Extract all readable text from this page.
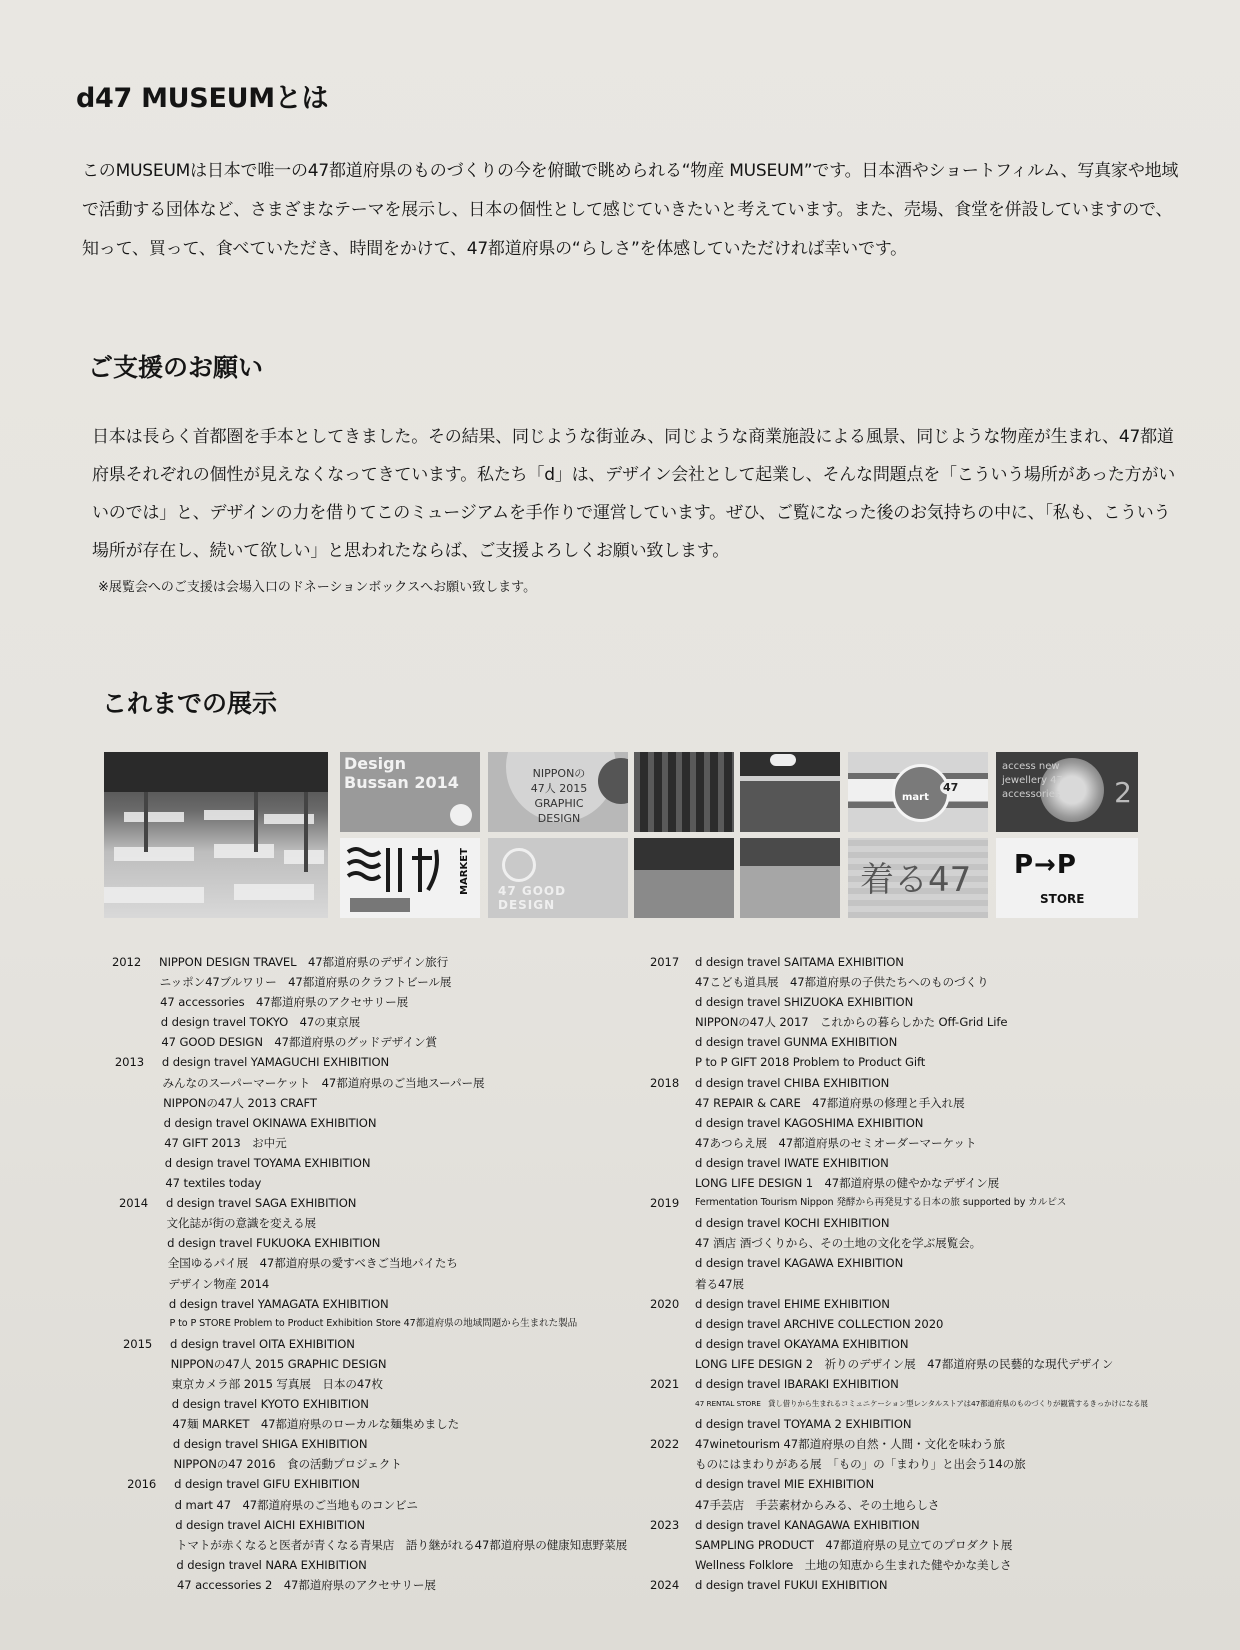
d47 MUSEUMとは

このMUSEUMは日本で唯一の47都道府県のものづくりの今を俯瞰で眺められる“物産 MUSEUM”です。日本酒やショートフィルム、写真家や地域で活動する団体など、さまざまなテーマを展示し、日本の個性として感じていきたいと考えています。また、売場、食堂を併設していますので、知って、買って、食べていただき、時間をかけて、47都道府県の“らしさ”を体感していただければ幸いです。

ご支援のお願い

日本は長らく首都圏を手本としてきました。その結果、同じような街並み、同じような商業施設による風景、同じような物産が生まれ、47都道府県それぞれの個性が見えなくなってきています。私たち「d」は、デザイン会社として起業し、そんな問題点を「こういう場所があった方がいいのでは」と、デザインの力を借りてこのミュージアムを手作りで運営しています。ぜひ、ご覧になった後のお気持ちの中に、「私も、こういう場所が存在し、続いて欲しい」と思われたならば、ご支援よろしくお願い致します。

※展覧会へのご支援は会場入口のドネーションボックスへお願い致します。
これまでの展示
Design Bussan 2014	NIPPONの 47人 2015 GRAPHIC DESIGN
mart
47
access new jewellery 47 accessories	2
MARKET 47 GOOD DESIGN
着る47 P→P
STORE
2012 NIPPON DESIGN TRAVEL　47都道府県のデザイン旅行
ニッポン47ブルワリー　47都道府県のクラフトビール展
47 accessories　47都道府県のアクセサリー展
d design travel TOKYO　47の東京展
47 GOOD DESIGN　47都道府県のグッドデザイン賞
2013 d design travel YAMAGUCHI EXHIBITION
みんなのスーパーマーケット　47都道府県のご当地スーパー展
NIPPONの47人 2013 CRAFT
d design travel OKINAWA EXHIBITION
47 GIFT 2013　お中元
d design travel TOYAMA EXHIBITION
47 textiles today
2014 d design travel SAGA EXHIBITION
文化誌が街の意識を変える展
d design travel FUKUOKA EXHIBITION
全国ゆるパイ展　47都道府県の愛すべきご当地パイたち
デザイン物産 2014
d design travel YAMAGATA EXHIBITION
P to P STORE Problem to Product Exhibition Store 47都道府県の地域問題から生まれた製品
2015 d design travel OITA EXHIBITION
NIPPONの47人 2015 GRAPHIC DESIGN
東京カメラ部 2015 写真展　日本の47枚
d design travel KYOTO EXHIBITION
47麺 MARKET　47都道府県のローカルな麺集めました
d design travel SHIGA EXHIBITION
NIPPONの47 2016　食の活動プロジェクト
2016 d design travel GIFU EXHIBITION
d mart 47　47都道府県のご当地ものコンビニ
d design travel AICHI EXHIBITION
トマトが赤くなると医者が青くなる青果店　語り継がれる47都道府県の健康知恵野菜展
d design travel NARA EXHIBITION
47 accessories 2　47都道府県のアクセサリー展
2017 d design travel SAITAMA EXHIBITION
47こども道具展　47都道府県の子供たちへのものづくり
d design travel SHIZUOKA EXHIBITION
NIPPONの47人 2017　これからの暮らしかた Off-Grid Life
d design travel GUNMA EXHIBITION
P to P GIFT 2018 Problem to Product Gift
2018 d design travel CHIBA EXHIBITION
47 REPAIR & CARE　47都道府県の修理と手入れ展
d design travel KAGOSHIMA EXHIBITION
47あつらえ展　47都道府県のセミオーダーマーケット
d design travel IWATE EXHIBITION
LONG LIFE DESIGN 1　47都道府県の健やかなデザイン展
2019 Fermentation Tourism Nippon 発酵から再発見する日本の旅 supported by カルピス
d design travel KOCHI EXHIBITION
47 酒店 酒づくりから、その土地の文化を学ぶ展覧会。
d design travel KAGAWA EXHIBITION
着る47展
2020 d design travel EHIME EXHIBITION
d design travel ARCHIVE COLLECTION 2020
d design travel OKAYAMA EXHIBITION
LONG LIFE DESIGN 2　祈りのデザイン展　47都道府県の民藝的な現代デザイン
2021 d design travel IBARAKI EXHIBITION
47 RENTAL STORE　貸し借りから生まれるコミュニケーション型レンタルストアは47都道府県のものづくりが観賞するきっかけになる展
d design travel TOYAMA 2 EXHIBITION
2022 47winetourism 47都道府県の自然・人間・文化を味わう旅
ものにはまわりがある展　「もの」の「まわり」と出会う14の旅
d design travel MIE EXHIBITION
47手芸店　手芸素材からみる、その土地らしさ
2023 d design travel KANAGAWA EXHIBITION
SAMPLING PRODUCT　47都道府県の見立てのプロダクト展
Wellness Folklore　土地の知恵から生まれた健やかな美しさ
2024 d design travel FUKUI EXHIBITION
